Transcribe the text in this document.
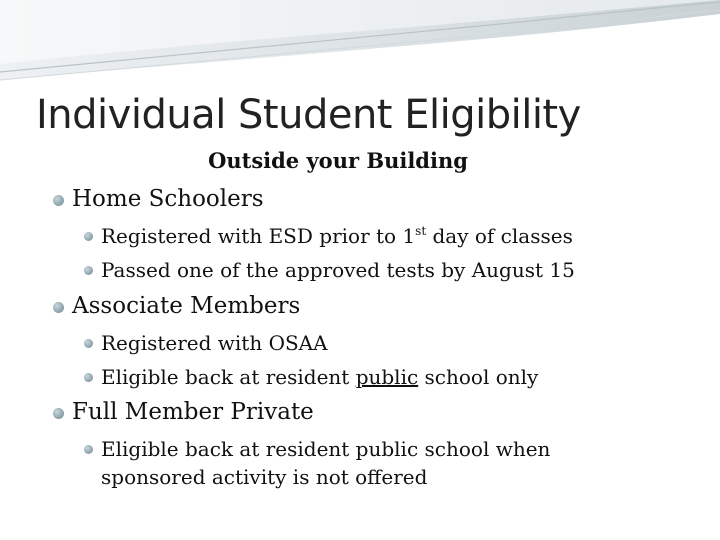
Individual Student Eligibility
Outside your Building
Home Schoolers
Registered with ESD prior to 1st day of classes
Passed one of the approved tests by August 15
Associate Members
Registered with OSAA
Eligible back at resident public school only
Full Member Private
Eligible back at resident public school when
sponsored activity is not offered
